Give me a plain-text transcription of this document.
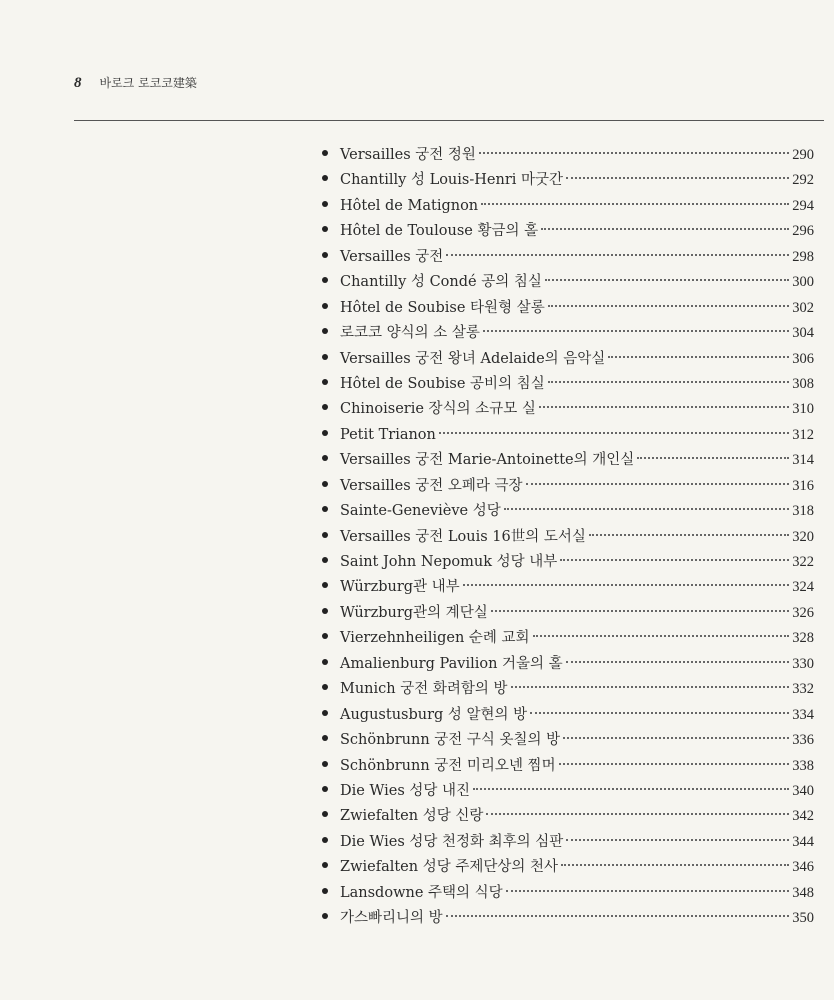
8 바로크 로코코建築
Versailles 궁전 정원	290
Chantilly 성 Louis-Henri 마굿간	292
Hôtel de Matignon	294
Hôtel de Toulouse 황금의 홀	296
Versailles 궁전	298
Chantilly 성 Condé 공의 침실	300
Hôtel de Soubise 타원형 살롱	302
로코코 양식의 소 살롱	304
Versailles 궁전 왕녀 Adelaide의 음악실	306
Hôtel de Soubise 공비의 침실	308
Chinoiserie 장식의 소규모 실	310
Petit Trianon	312
Versailles 궁전 Marie-Antoinette의 개인실	314
Versailles 궁전 오페라 극장	316
Sainte-Geneviève 성당	318
Versailles 궁전 Louis 16世의 도서실	320
Saint John Nepomuk 성당 내부	322
Würzburg관 내부	324
Würzburg관의 계단실	326
Vierzehnheiligen 순례 교회	328
Amalienburg Pavilion 거울의 홀	330
Munich 궁전 화려함의 방	332
Augustusburg 성 알현의 방	334
Schönbrunn 궁전 구식 옷칠의 방	336
Schönbrunn 궁전 미리오넨 찜머	338
Die Wies 성당 내진	340
Zwiefalten 성당 신랑	342
Die Wies 성당 천정화 최후의 심판	344
Zwiefalten 성당 주제단상의 천사	346
Lansdowne 주택의 식당	348
가스빠리니의 방	350
